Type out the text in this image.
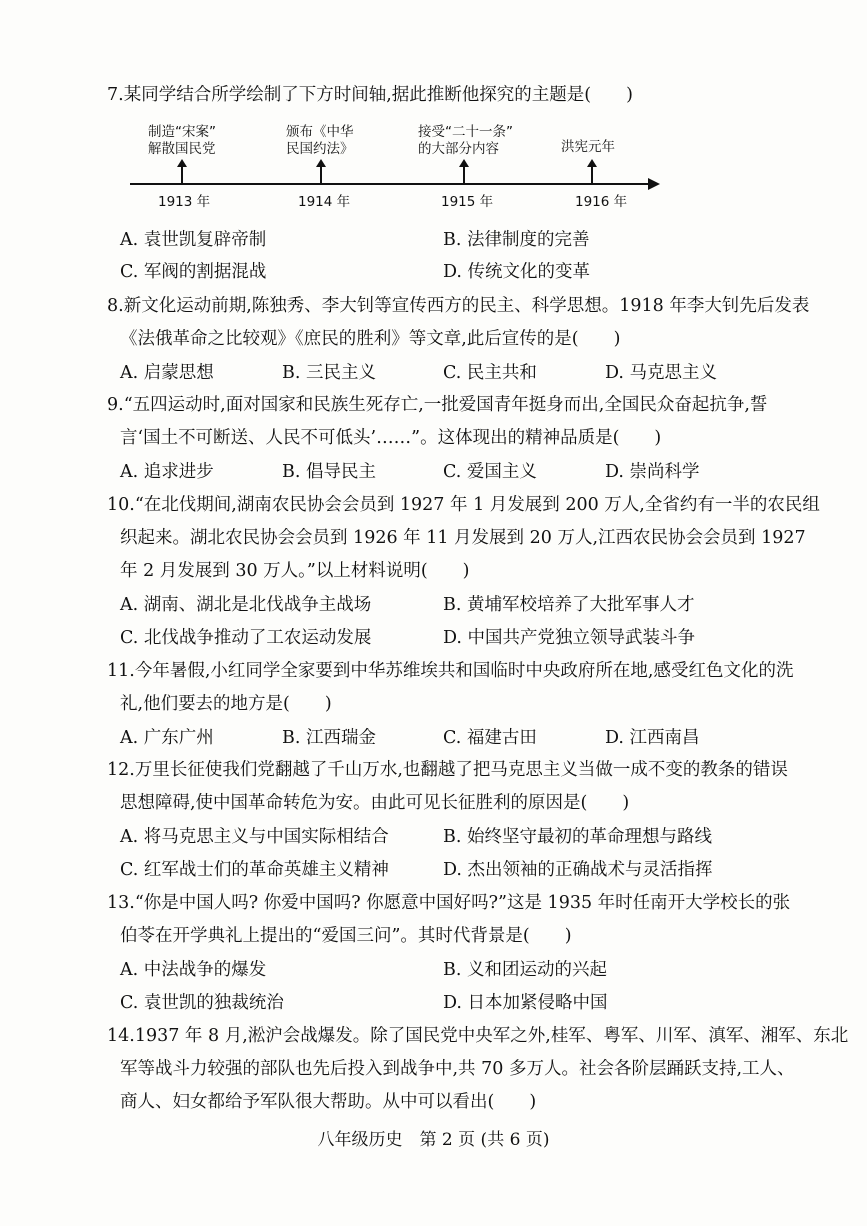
7.某同学结合所学绘制了下方时间轴,据此推断他探究的主题是(　　)
制造“宋案”
解散国民党
1913 年
颁布《中华
民国约法》
1914 年
接受“二十一条”
的大部分内容
1915 年
洪宪元年
1916 年
A. 袁世凯复辟帝制	B. 法律制度的完善
C. 军阀的割据混战	D. 传统文化的变革
8.新文化运动前期,陈独秀、李大钊等宣传西方的民主、科学思想。1918 年李大钊先后发表
《法俄革命之比较观》《庶民的胜利》等文章,此后宣传的是(　　)
A. 启蒙思想	B. 三民主义	C. 民主共和	D. 马克思主义
9.“五四运动时,面对国家和民族生死存亡,一批爱国青年挺身而出,全国民众奋起抗争,誓
言‘国土不可断送、人民不可低头’……”。这体现出的精神品质是(　　)
A. 追求进步	B. 倡导民主	C. 爱国主义	D. 崇尚科学
10.“在北伐期间,湖南农民协会会员到 1927 年 1 月发展到 200 万人,全省约有一半的农民组
织起来。湖北农民协会会员到 1926 年 11 月发展到 20 万人,江西农民协会会员到 1927
年 2 月发展到 30 万人。”以上材料说明(　　)
A. 湖南、湖北是北伐战争主战场	B. 黄埔军校培养了大批军事人才
C. 北伐战争推动了工农运动发展	D. 中国共产党独立领导武装斗争
11.今年暑假,小红同学全家要到中华苏维埃共和国临时中央政府所在地,感受红色文化的洗
礼,他们要去的地方是(　　)
A. 广东广州	B. 江西瑞金	C. 福建古田	D. 江西南昌
12.万里长征使我们党翻越了千山万水,也翻越了把马克思主义当做一成不变的教条的错误
思想障碍,使中国革命转危为安。由此可见长征胜利的原因是(　　)
A. 将马克思主义与中国实际相结合	B. 始终坚守最初的革命理想与路线
C. 红军战士们的革命英雄主义精神	D. 杰出领袖的正确战术与灵活指挥
13.“你是中国人吗? 你爱中国吗? 你愿意中国好吗?”这是 1935 年时任南开大学校长的张
伯苓在开学典礼上提出的“爱国三问”。其时代背景是(　　)
A. 中法战争的爆发	B. 义和团运动的兴起
C. 袁世凯的独裁统治	D. 日本加紧侵略中国
14.1937 年 8 月,淞沪会战爆发。除了国民党中央军之外,桂军、粤军、川军、滇军、湘军、东北
军等战斗力较强的部队也先后投入到战争中,共 70 多万人。社会各阶层踊跃支持,工人、
商人、妇女都给予军队很大帮助。从中可以看出(　　)
八年级历史　第 2 页 (共 6 页)
